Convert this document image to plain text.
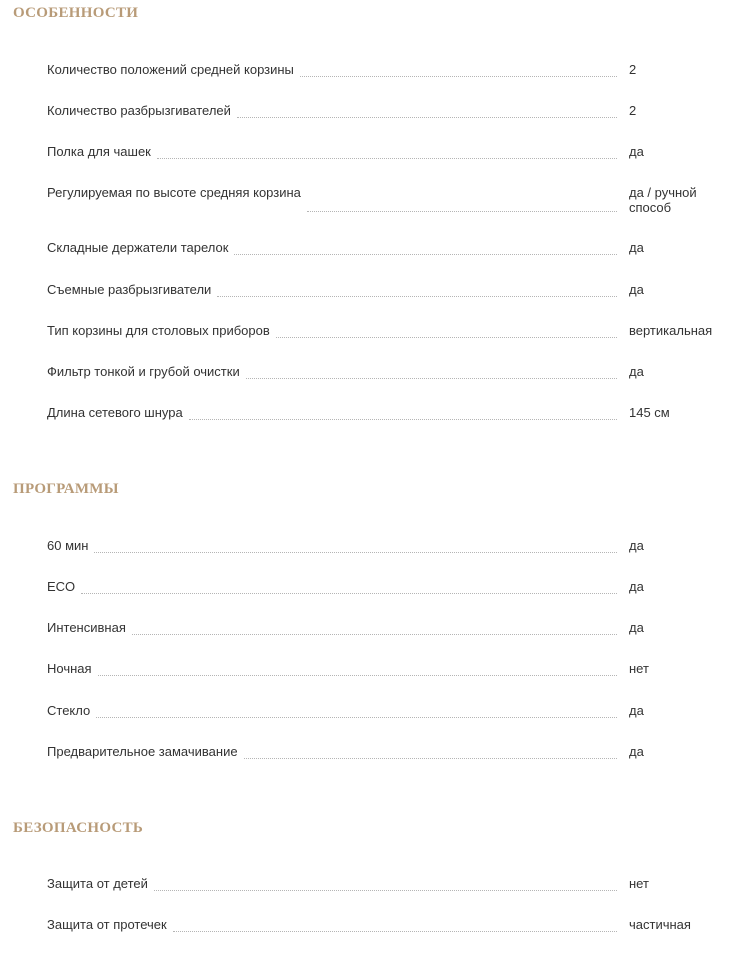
ОСОБЕННОСТИ
Количество положений средней корзины	2
Количество разбрызгивателей	2
Полка для чашек	да
Регулируемая по высоте средняя корзина	да / ручной способ
Складные держатели тарелок	да
Съемные разбрызгиватели	да
Тип корзины для столовых приборов	вертикальная
Фильтр тонкой и грубой очистки	да
Длина сетевого шнура	145 см
ПРОГРАММЫ
60 мин	да
ECO	да
Интенсивная	да
Ночная	нет
Стекло	да
Предварительное замачивание	да
БЕЗОПАСНОСТЬ
Защита от детей	нет
Защита от протечек	частичная
